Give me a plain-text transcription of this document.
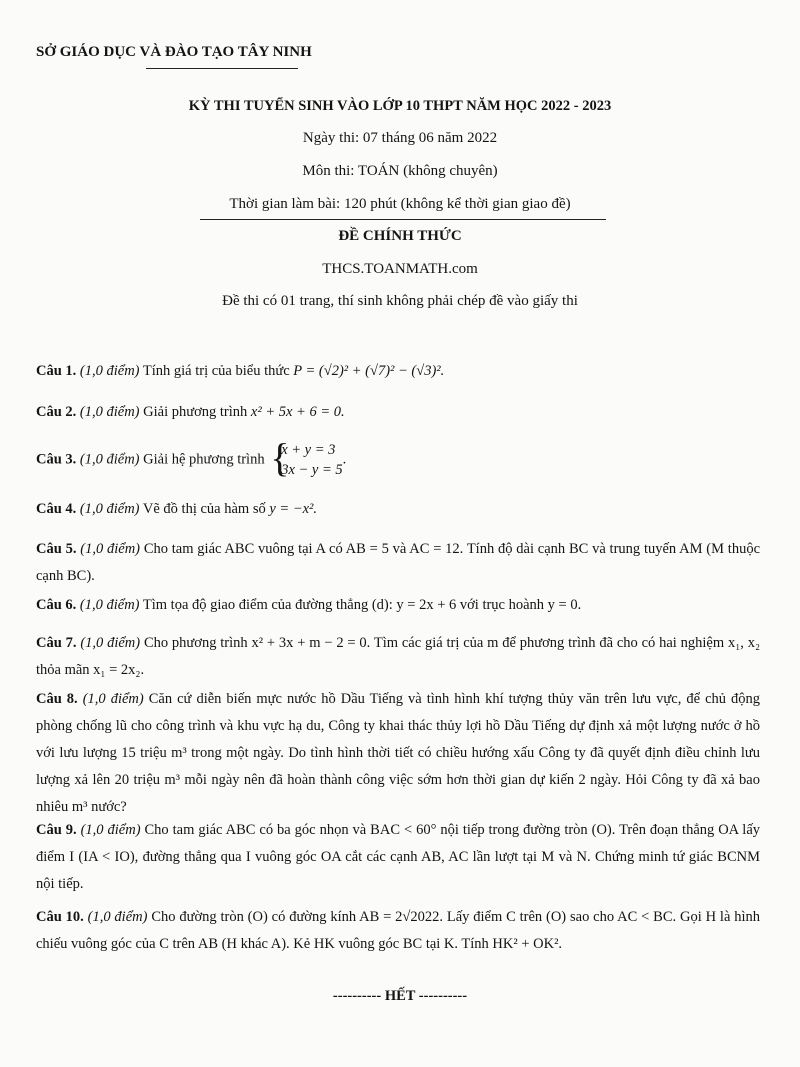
SỞ GIÁO DỤC VÀ ĐÀO TẠO TÂY NINH
KỲ THI TUYỂN SINH VÀO LỚP 10 THPT NĂM HỌC 2022 - 2023
Ngày thi: 07 tháng 06 năm 2022
Môn thi: TOÁN (không chuyên)
Thời gian làm bài: 120 phút (không kể thời gian giao đề)
ĐỀ CHÍNH THỨC
THCS.TOANMATH.com
Đề thi có 01 trang, thí sinh không phải chép đề vào giấy thi
Câu 1. (1,0 điểm) Tính giá trị của biểu thức P = (√2)² + (√7)² − (√3)².
Câu 2. (1,0 điểm) Giải phương trình x² + 5x + 6 = 0.
Câu 3. (1,0 điểm) Giải hệ phương trình {
x + y = 3
3x − y = 5
.
Câu 4. (1,0 điểm) Vẽ đồ thị của hàm số y = −x².
Câu 5. (1,0 điểm) Cho tam giác ABC vuông tại A có AB = 5 và AC = 12. Tính độ dài cạnh BC và trung tuyến AM (M thuộc cạnh BC).
Câu 6. (1,0 điểm) Tìm tọa độ giao điểm của đường thẳng (d): y = 2x + 6 với trục hoành y = 0.
Câu 7. (1,0 điểm) Cho phương trình x² + 3x + m − 2 = 0. Tìm các giá trị của m để phương trình đã cho có hai nghiệm x₁, x₂ thỏa mãn x₁ = 2x₂.
Câu 8. (1,0 điểm) Căn cứ diễn biến mực nước hồ Dầu Tiếng và tình hình khí tượng thủy văn trên lưu vực, để chủ động phòng chống lũ cho công trình và khu vực hạ du, Công ty khai thác thủy lợi hồ Dầu Tiếng dự định xả một lượng nước ở hồ với lưu lượng 15 triệu m³ trong một ngày. Do tình hình thời tiết có chiều hướng xấu Công ty đã quyết định điều chỉnh lưu lượng xả lên 20 triệu m³ mỗi ngày nên đã hoàn thành công việc sớm hơn thời gian dự kiến 2 ngày. Hỏi Công ty đã xả bao nhiêu m³ nước?
Câu 9. (1,0 điểm) Cho tam giác ABC có ba góc nhọn và BAC < 60° nội tiếp trong đường tròn (O). Trên đoạn thẳng OA lấy điểm I (IA < IO), đường thẳng qua I vuông góc OA cắt các cạnh AB, AC lần lượt tại M và N. Chứng minh tứ giác BCNM nội tiếp.
Câu 10. (1,0 điểm) Cho đường tròn (O) có đường kính AB = 2√2022. Lấy điểm C trên (O) sao cho AC < BC. Gọi H là hình chiếu vuông góc của C trên AB (H khác A). Kẻ HK vuông góc BC tại K. Tính HK² + OK².
---------- HẾT ----------
